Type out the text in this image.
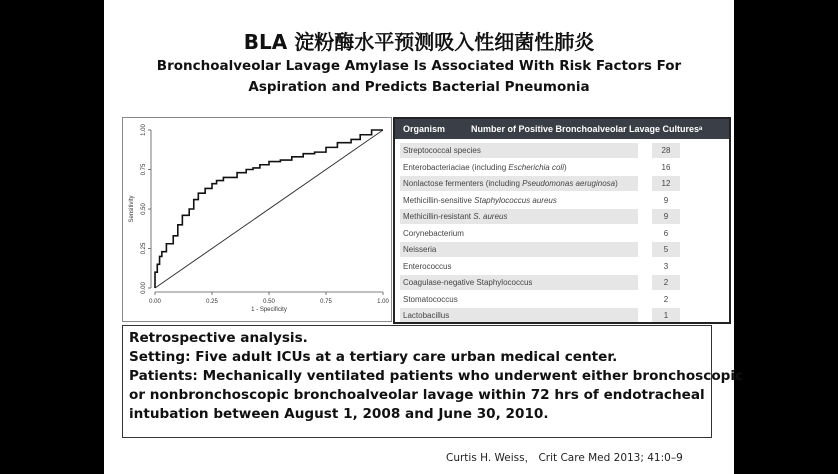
BLA 淀粉酶水平预测吸入性细菌性肺炎
Bronchoalveolar Lavage Amylase Is Associated With Risk Factors For
Aspiration and Predicts Bacterial Pneumonia
0.00	0.25	0.50	0.75	1.00
0.00
0.25
0.50
0.75
1.00
1 - Specificity
Sensitivity
Organism	Number of Positive Bronchoalveolar Lavage Culturesᵃ
Streptococcal species	28
Enterobacteriaciae (including Escherichia coli)	16
Nonlactose fermenters (including Pseudomonas aeruginosa)	12
Methicillin-sensitive Staphylococcus aureus	9
Methicillin-resistant S. aureus	9
Corynebacterium	6
Neisseria	5
Enterococcus	3
Coagulase-negative Staphylococcus	2
Stomatococcus	2
Lactobacillus	1
Retrospective analysis.
Setting: Five adult ICUs at a tertiary care urban medical center.
Patients: Mechanically ventilated patients who underwent either bronchoscopic
or nonbronchoscopic bronchoalveolar lavage within 72 hrs of endotracheal
intubation between August 1, 2008 and June 30, 2010.
Curtis H. Weiss， Crit Care Med 2013; 41:0–9
